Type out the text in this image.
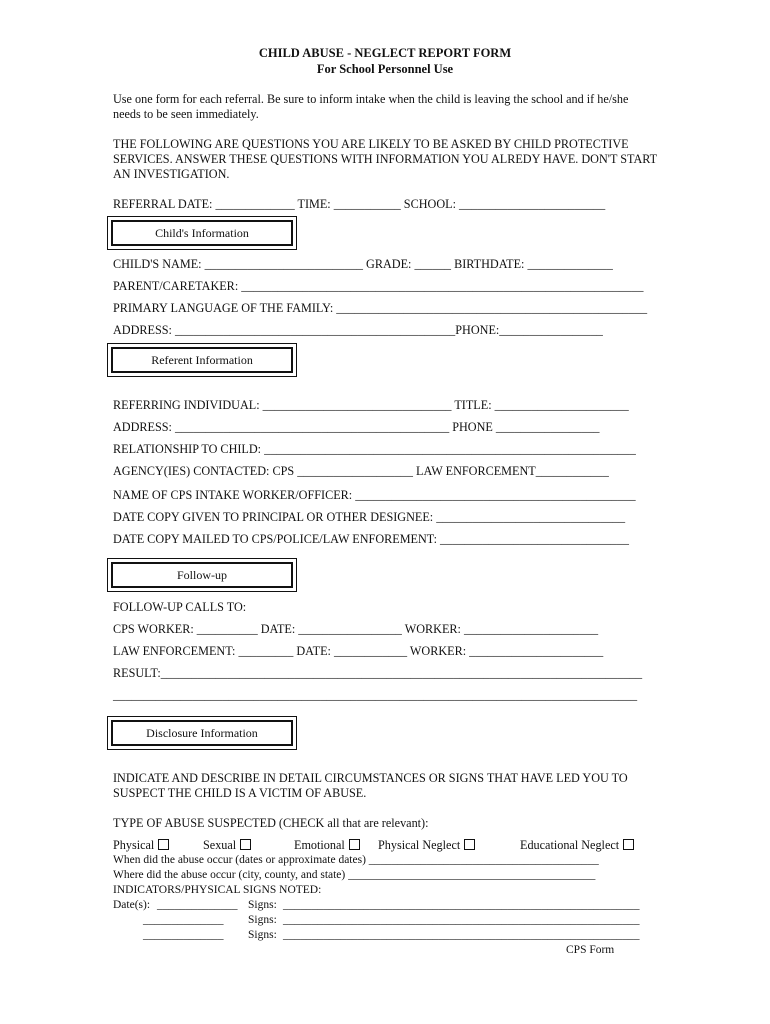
CHILD ABUSE - NEGLECT REPORT FORM
For School Personnel Use
Use one form for each referral. Be sure to inform intake when the child is leaving the school and if he/she needs to be seen immediately.
THE FOLLOWING ARE QUESTIONS YOU ARE LIKELY TO BE ASKED BY CHILD PROTECTIVE SERVICES. ANSWER THESE QUESTIONS WITH INFORMATION YOU ALREDY HAVE. DON'T START AN INVESTIGATION.
REFERRAL DATE: _____________ TIME: ___________ SCHOOL: ________________________
Child's Information
CHILD'S NAME: __________________________ GRADE: ______ BIRTHDATE: ______________
PARENT/CARETAKER: __________________________________________________________________
PRIMARY LANGUAGE OF THE FAMILY: ___________________________________________________
ADDRESS: ______________________________________________PHONE:_________________
Referent Information
REFERRING INDIVIDUAL: _______________________________ TITLE: ______________________
ADDRESS: _____________________________________________ PHONE _________________
RELATIONSHIP TO CHILD: _____________________________________________________________
AGENCY(IES) CONTACTED: CPS ___________________ LAW ENFORCEMENT____________
NAME OF CPS INTAKE WORKER/OFFICER: ______________________________________________
DATE COPY GIVEN TO PRINCIPAL OR OTHER DESIGNEE: _______________________________
DATE COPY MAILED TO CPS/POLICE/LAW ENFOREMENT: _______________________________
Follow-up
FOLLOW-UP CALLS TO:
CPS WORKER: __________ DATE: _________________ WORKER: ______________________
LAW ENFORCEMENT: _________ DATE: ____________ WORKER: ______________________
RESULT:_______________________________________________________________________________
______________________________________________________________________________________
Disclosure Information
INDICATE AND DESCRIBE IN DETAIL CIRCUMSTANCES OR SIGNS THAT HAVE LED YOU TO SUSPECT THE CHILD IS A VICTIM OF ABUSE.
TYPE OF ABUSE SUSPECTED (CHECK all that are relevant):
Physical	Sexual	Emotional	Physical Neglect	Educational Neglect
When did the abuse occur (dates or approximate dates) ________________________________________
Where did the abuse occur (city, county, and state) ___________________________________________
INDICATORS/PHYSICAL SIGNS NOTED:
Date(s): ______________ Signs: ______________________________________________________________
______________ Signs: ______________________________________________________________
______________ Signs: ______________________________________________________________
CPS Form
